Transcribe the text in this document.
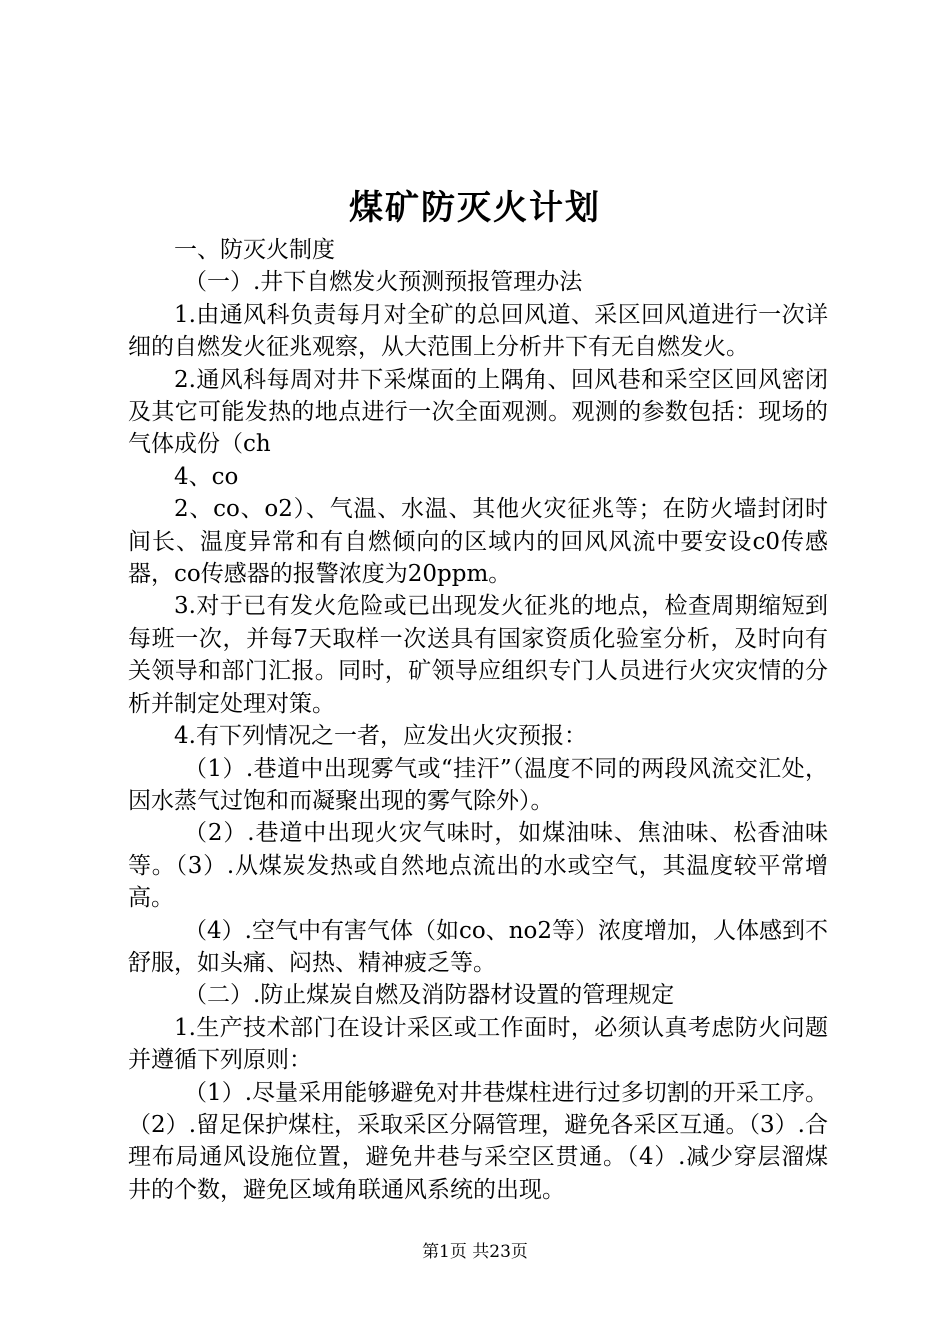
煤矿防灭火计划

一、防灭火制度

（一）.井下自燃发火预测预报管理办法

1.由通风科负责每月对全矿的总回风道、采区回风道进行一次详细的自燃发火征兆观察，从大范围上分析井下有无自燃发火。

2.通风科每周对井下采煤面的上隅角、回风巷和采空区回风密闭及其它可能发热的地点进行一次全面观测。观测的参数包括：现场的气体成份（ch

4、co

2、co、o2）、气温、水温、其他火灾征兆等；在防火墙封闭时间长、温度异常和有自燃倾向的区域内的回风风流中要安设c0传感器，co传感器的报警浓度为20ppm。

3.对于已有发火危险或已出现发火征兆的地点，检查周期缩短到每班一次，并每7天取样一次送具有国家资质化验室分析，及时向有关领导和部门汇报。同时，矿领导应组织专门人员进行火灾灾情的分析并制定处理对策。

4.有下列情况之一者，应发出火灾预报：

（1）.巷道中出现雾气或“挂汗”（温度不同的两段风流交汇处，因水蒸气过饱和而凝聚出现的雾气除外）。

（2）.巷道中出现火灾气味时，如煤油味、焦油味、松香油味等。（3）.从煤炭发热或自然地点流出的水或空气，其温度较平常增高。

（4）.空气中有害气体（如co、no2等）浓度增加，人体感到不舒服，如头痛、闷热、精神疲乏等。

（二）.防止煤炭自燃及消防器材设置的管理规定

1.生产技术部门在设计采区或工作面时，必须认真考虑防火问题并遵循下列原则：

（1）.尽量采用能够避免对井巷煤柱进行过多切割的开采工序。（2）.留足保护煤柱，采取采区分隔管理，避免各采区互通。（3）.合理布局通风设施位置，避免井巷与采空区贯通。（4）.减少穿层溜煤井的个数，避免区域角联通风系统的出现。

第1页 共23页
